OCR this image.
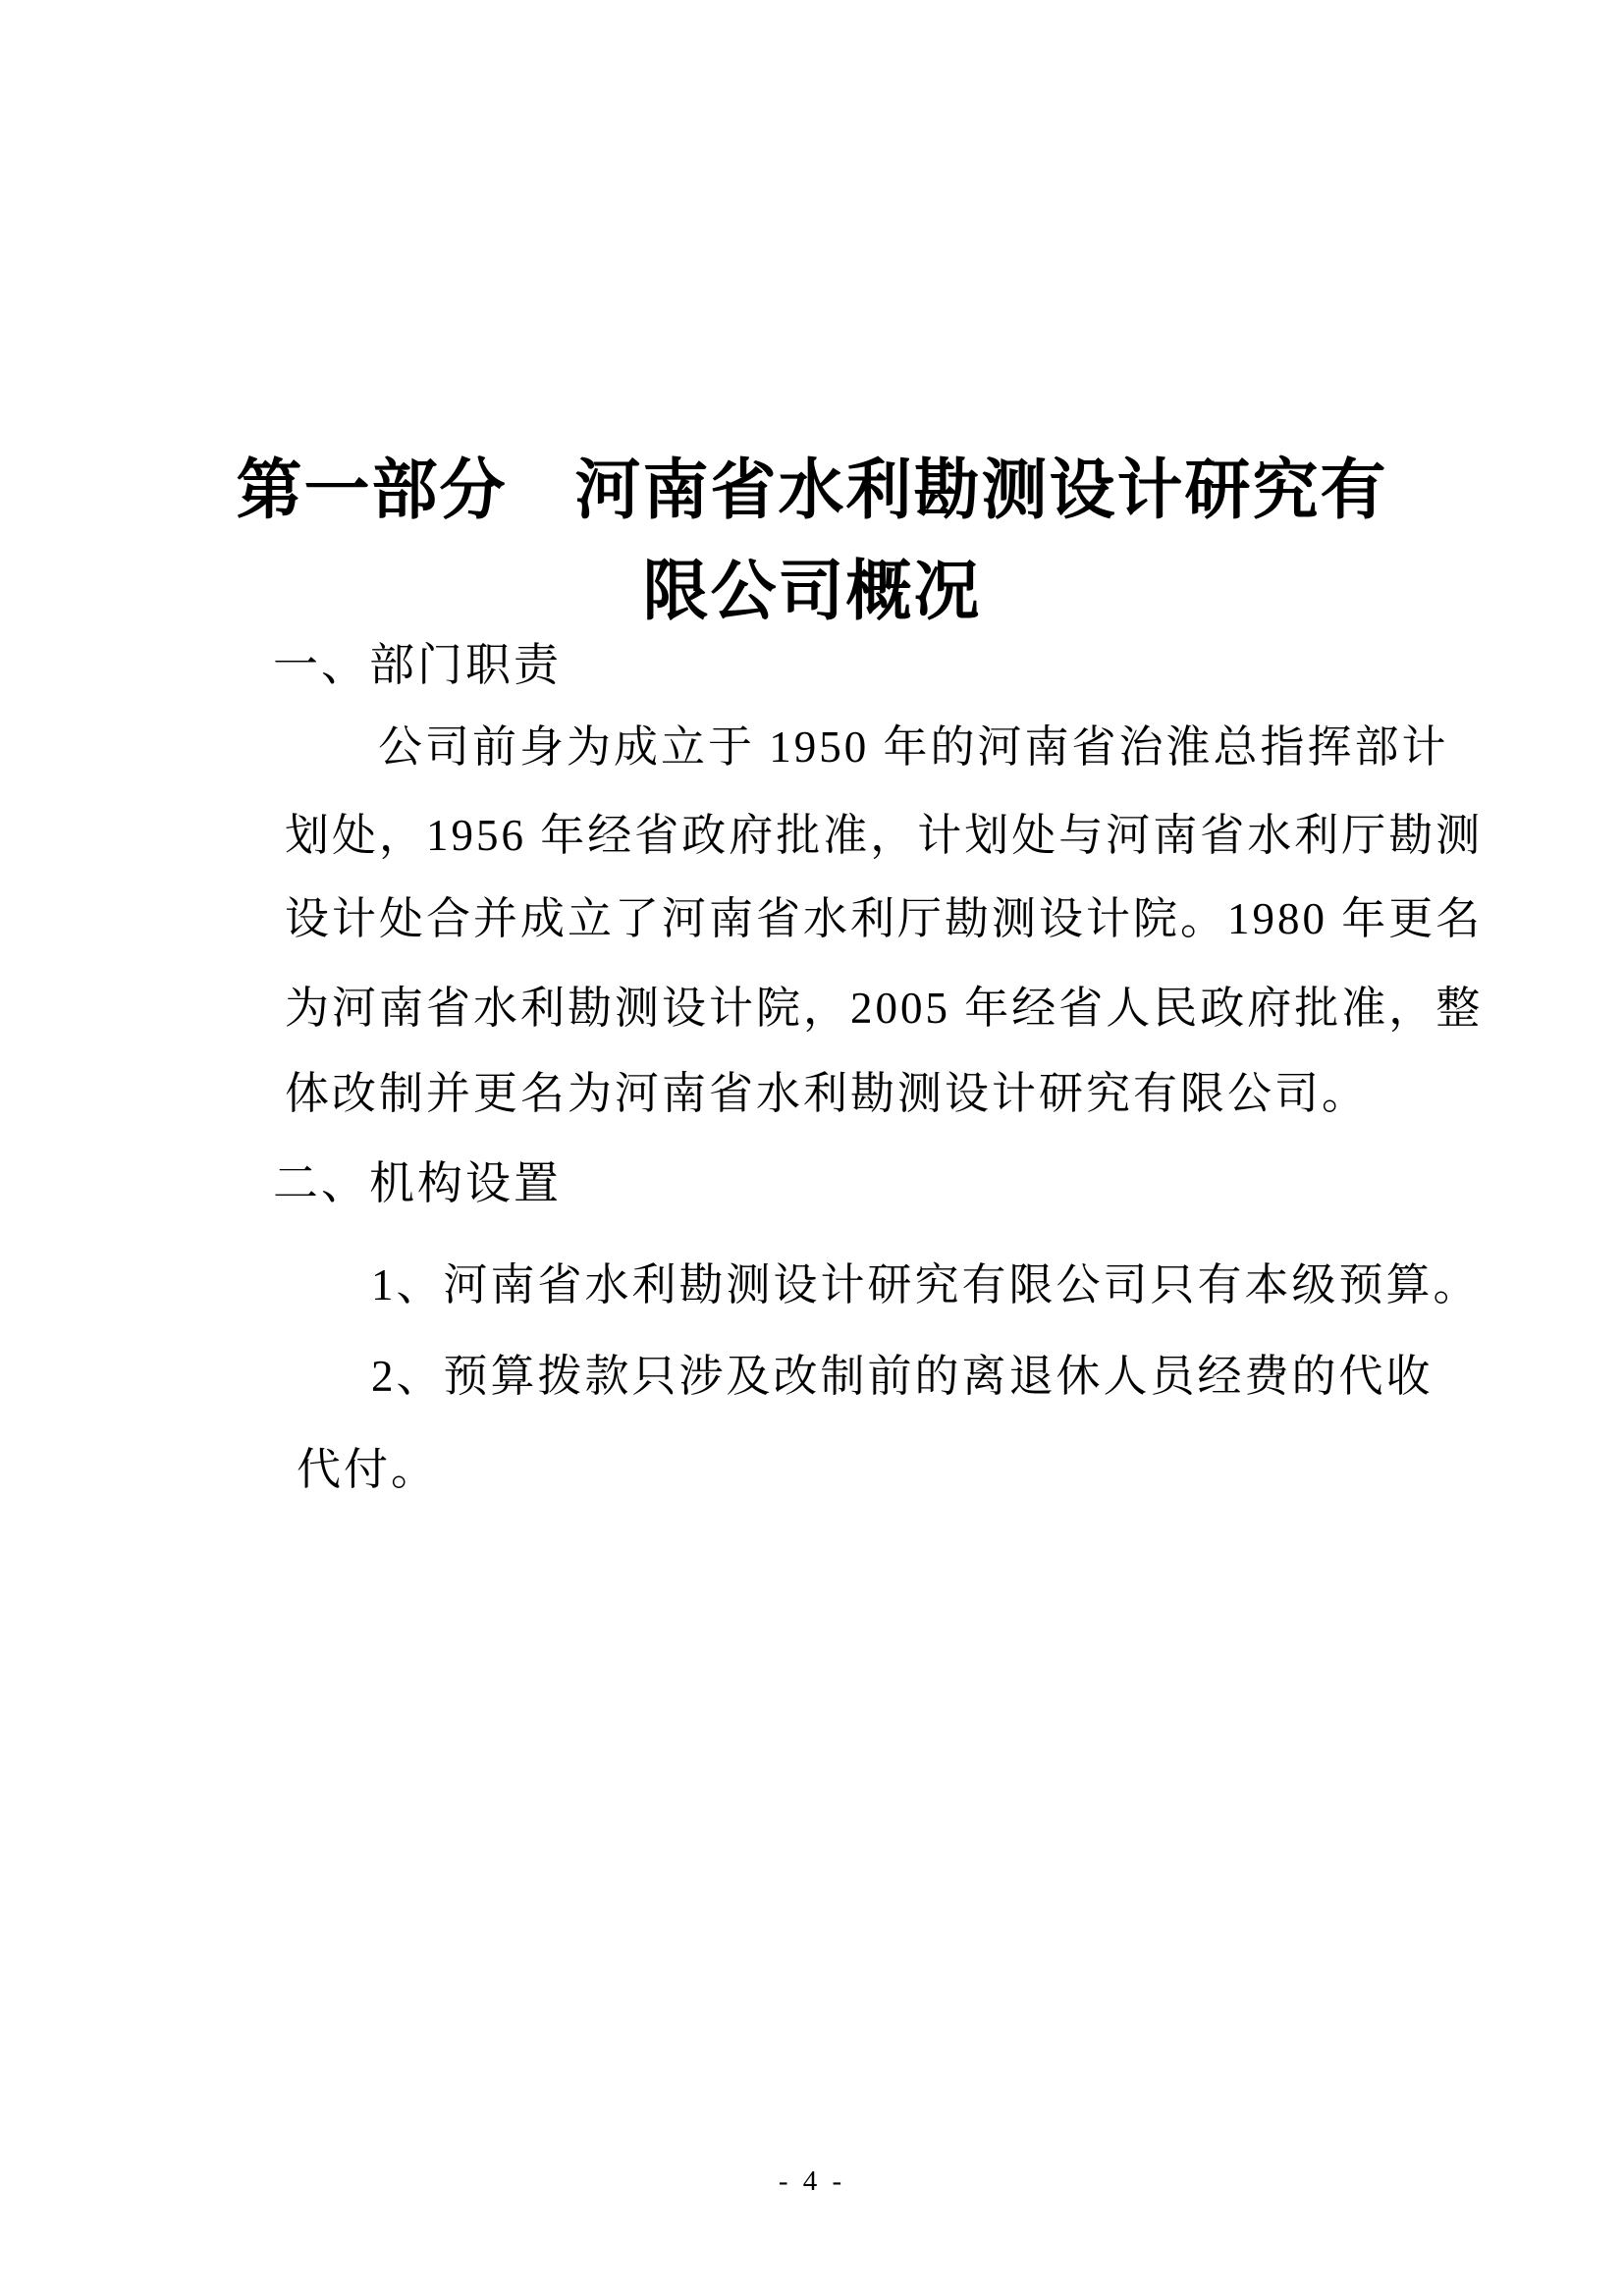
第一部分　河南省水利勘测设计研究有
限公司概况
一、部门职责
公司前身为成立于 1950 年的河南省治淮总指挥部计
划处，1956 年经省政府批准，计划处与河南省水利厅勘测
设计处合并成立了河南省水利厅勘测设计院。1980 年更名
为河南省水利勘测设计院，2005 年经省人民政府批准，整
体改制并更名为河南省水利勘测设计研究有限公司。
二、机构设置
1、河南省水利勘测设计研究有限公司只有本级预算。
2、预算拨款只涉及改制前的离退休人员经费的代收
代付。
- 4 -
